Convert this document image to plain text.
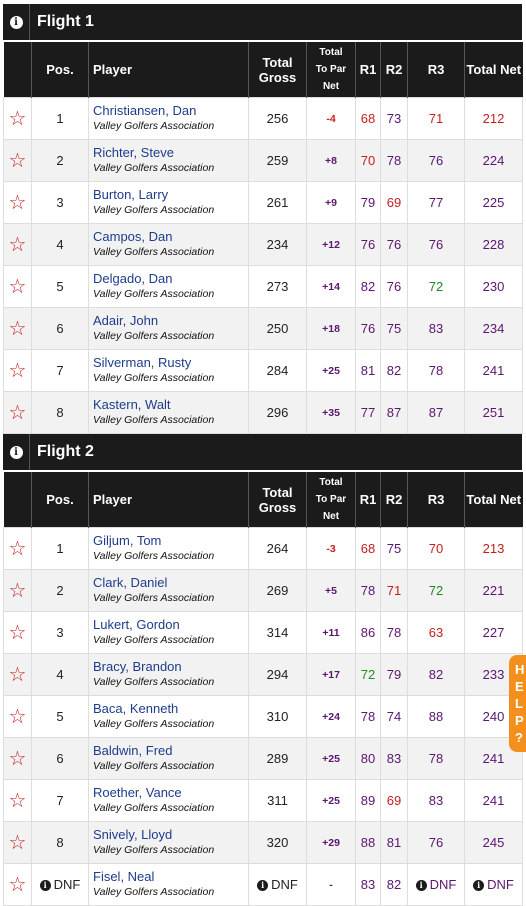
i	Flight 1
	Pos.	Player	Total Gross	Total
To Par
Net	R1	R2	R3	Total Net
☆	1	Christiansen, Dan
Valley Golfers Association	256	-4	68	73	71	212
☆	2	Richter, Steve
Valley Golfers Association	259	+8	70	78	76	224
☆	3	Burton, Larry
Valley Golfers Association	261	+9	79	69	77	225
☆	4	Campos, Dan
Valley Golfers Association	234	+12	76	76	76	228
☆	5	Delgado, Dan
Valley Golfers Association	273	+14	82	76	72	230
☆	6	Adair, John
Valley Golfers Association	250	+18	76	75	83	234
☆	7	Silverman, Rusty
Valley Golfers Association	284	+25	81	82	78	241
☆	8	Kastern, Walt
Valley Golfers Association	296	+35	77	87	87	251
i	Flight 2
	Pos.	Player	Total Gross	Total
To Par
Net	R1	R2	R3	Total Net
☆	1	Giljum, Tom
Valley Golfers Association	264	-3	68	75	70	213
☆	2	Clark, Daniel
Valley Golfers Association	269	+5	78	71	72	221
☆	3	Lukert, Gordon
Valley Golfers Association	314	+11	86	78	63	227
☆	4	Bracy, Brandon
Valley Golfers Association	294	+17	72	79	82	233
☆	5	Baca, Kenneth
Valley Golfers Association	310	+24	78	74	88	240
☆	6	Baldwin, Fred
Valley Golfers Association	289	+25	80	83	78	241
☆	7	Roether, Vance
Valley Golfers Association	311	+25	89	69	83	241
☆	8	Snively, Lloyd
Valley Golfers Association	320	+29	88	81	76	245
☆	i DNF	Fisel, Neal
Valley Golfers Association	i DNF	-	83	82	i DNF	i DNF
H
E
L
P
?
